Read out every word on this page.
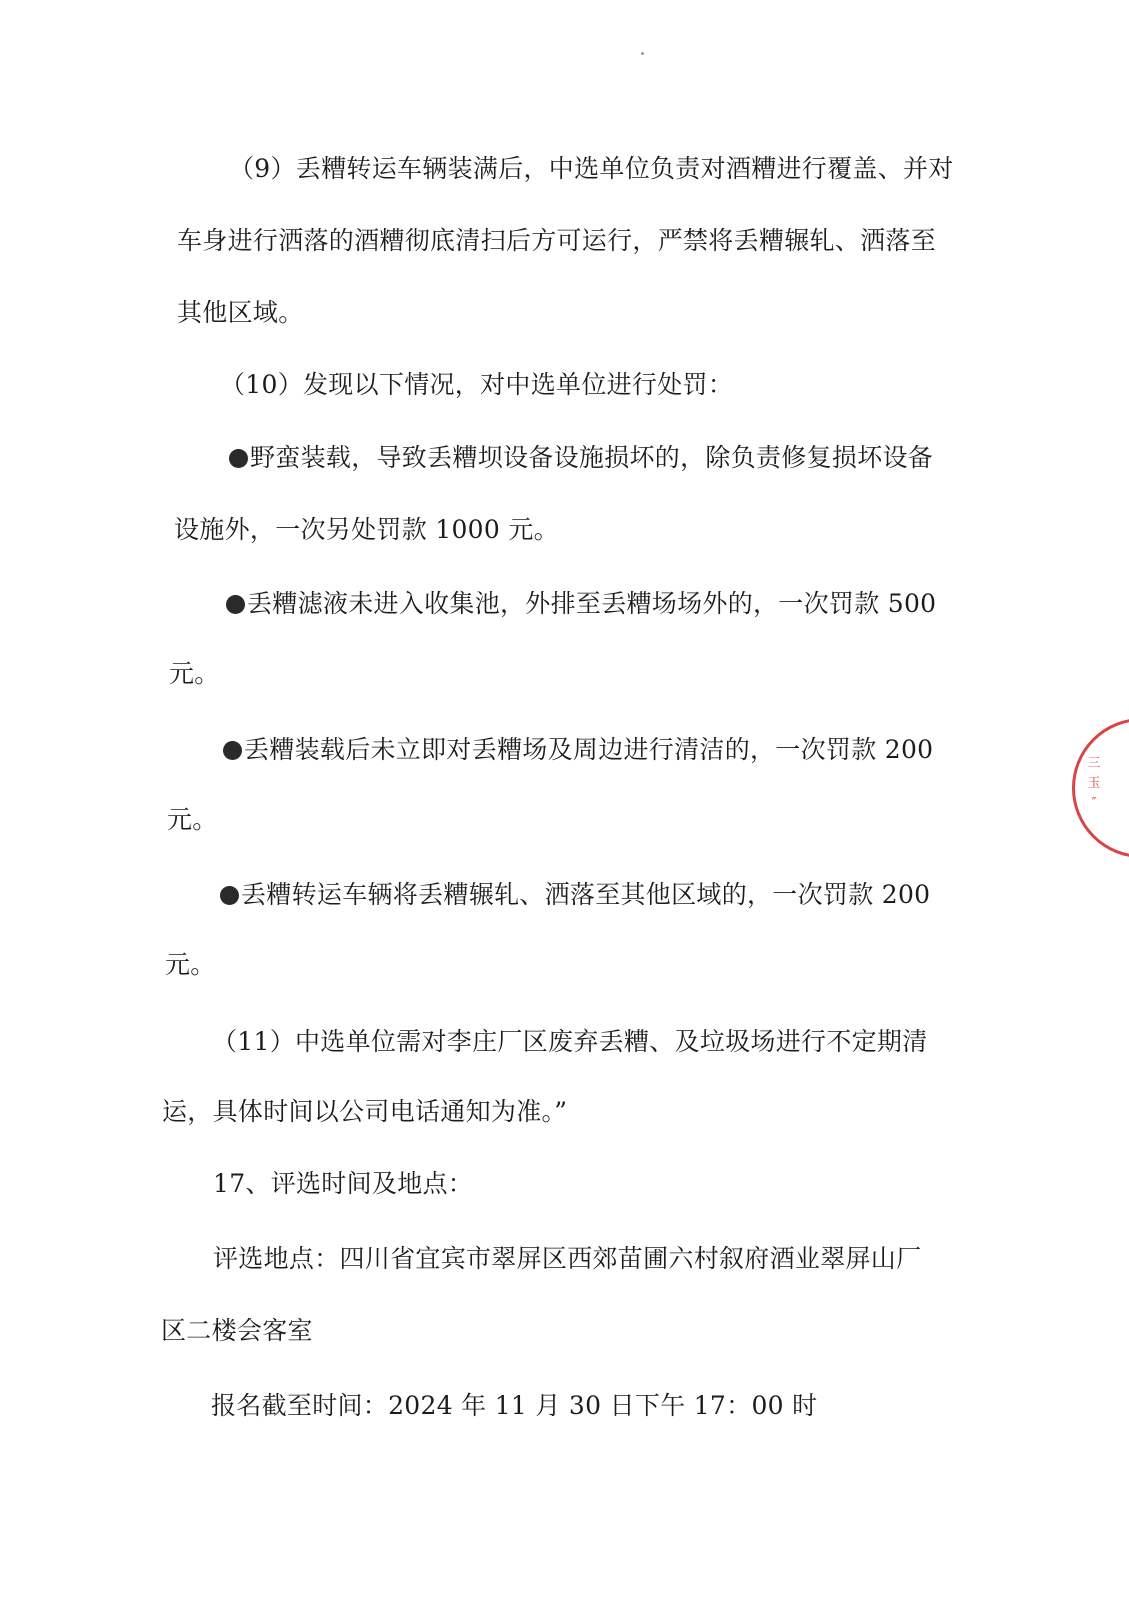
（9）丢糟转运车辆装满后，中选单位负责对酒糟进行覆盖、并对
车身进行洒落的酒糟彻底清扫后方可运行，严禁将丢糟辗轧、洒落至
其他区域。
（10）发现以下情况，对中选单位进行处罚：
野蛮装载，导致丢糟坝设备设施损坏的，除负责修复损坏设备
设施外，一次另处罚款 1000 元。
丢糟滤液未进入收集池，外排至丢糟场场外的，一次罚款 500
元。
丢糟装载后未立即对丢糟场及周边进行清洁的，一次罚款 200
元。
丢糟转运车辆将丢糟辗轧、洒落至其他区域的，一次罚款 200
元。
（11）中选单位需对李庄厂区废弃丢糟、及垃圾场进行不定期清
运，具体时间以公司电话通知为准。”
17、评选时间及地点：
评选地点：四川省宜宾市翠屏区西郊苗圃六村叙府酒业翠屏山厂
区二楼会客室
报名截至时间：2024 年 11 月 30 日下午 17：00 时
三 玉 ″
